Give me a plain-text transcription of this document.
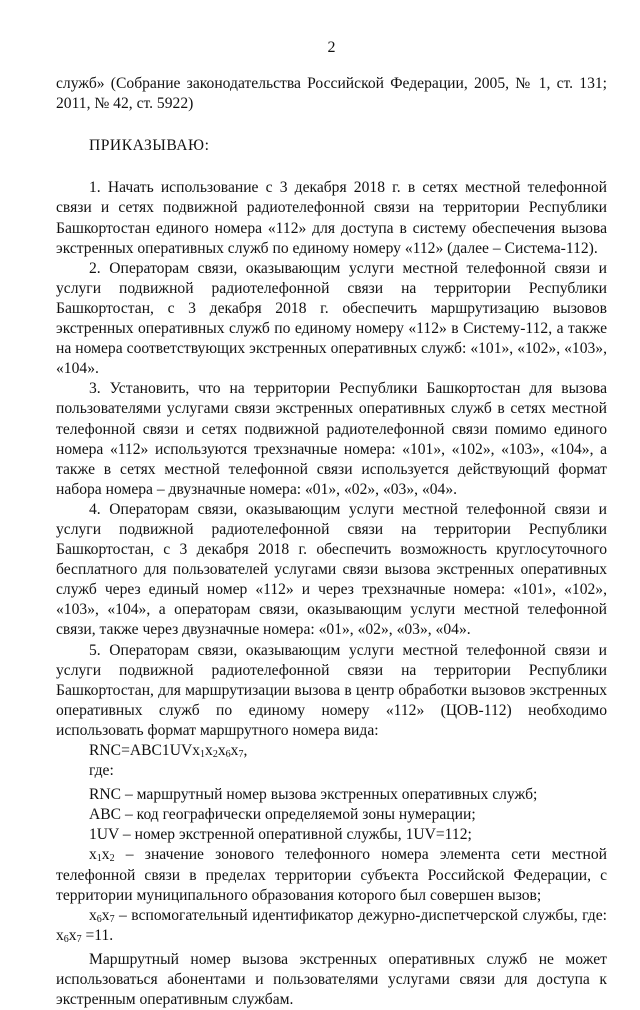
2

служб» (Собрание законодательства Российской Федерации, 2005, № 1, ст. 131; 2011, № 42, ст. 5922)

ПРИКАЗЫВАЮ:

1. Начать использование с 3 декабря 2018 г. в сетях местной телефонной связи и сетях подвижной радиотелефонной связи на территории Республики Башкортостан единого номера «112» для доступа в систему обеспечения вызова экстренных оперативных служб по единому номеру «112» (далее – Система-112).

2. Операторам связи, оказывающим услуги местной телефонной связи и услуги подвижной радиотелефонной связи на территории Республики Башкортостан, с 3 декабря 2018 г. обеспечить маршрутизацию вызовов экстренных оперативных служб по единому номеру «112» в Систему-112, а также на номера соответствующих экстренных оперативных служб: «101», «102», «103», «104».

3. Установить, что на территории Республики Башкортостан для вызова пользователями услугами связи экстренных оперативных служб в сетях местной телефонной связи и сетях подвижной радиотелефонной связи помимо единого номера «112» используются трехзначные номера: «101», «102», «103», «104», а также в сетях местной телефонной связи используется действующий формат набора номера – двузначные номера: «01», «02», «03», «04».

4. Операторам связи, оказывающим услуги местной телефонной связи и услуги подвижной радиотелефонной связи на территории Республики Башкортостан, с 3 декабря 2018 г. обеспечить возможность круглосуточного бесплатного для пользователей услугами связи вызова экстренных оперативных служб через единый номер «112» и через трехзначные номера: «101», «102», «103», «104», а операторам связи, оказывающим услуги местной телефонной связи, также через двузначные номера: «01», «02», «03», «04».

5. Операторам связи, оказывающим услуги местной телефонной связи и услуги подвижной радиотелефонной связи на территории Республики Башкортостан, для маршрутизации вызова в центр обработки вызовов экстренных оперативных служб по единому номеру «112» (ЦОВ-112) необходимо использовать формат маршрутного номера вида:

$RNC=ABC1UVx_1x_2x_6x_7$,

где:

RNC – маршрутный номер вызова экстренных оперативных служб;

ABC – код географически определяемой зоны нумерации;

1UV – номер экстренной оперативной службы, 1UV=112;

$x_1x_2$ – значение зонового телефонного номера элемента сети местной телефонной связи в пределах территории субъекта Российской Федерации, с территории муниципального образования которого был совершен вызов;

$x_6x_7$ – вспомогательный идентификатор дежурно-диспетчерской службы, где: $x_6x_7 =11$.

Маршрутный номер вызова экстренных оперативных служб не может использоваться абонентами и пользователями услугами связи для доступа к экстренным оперативным службам.
